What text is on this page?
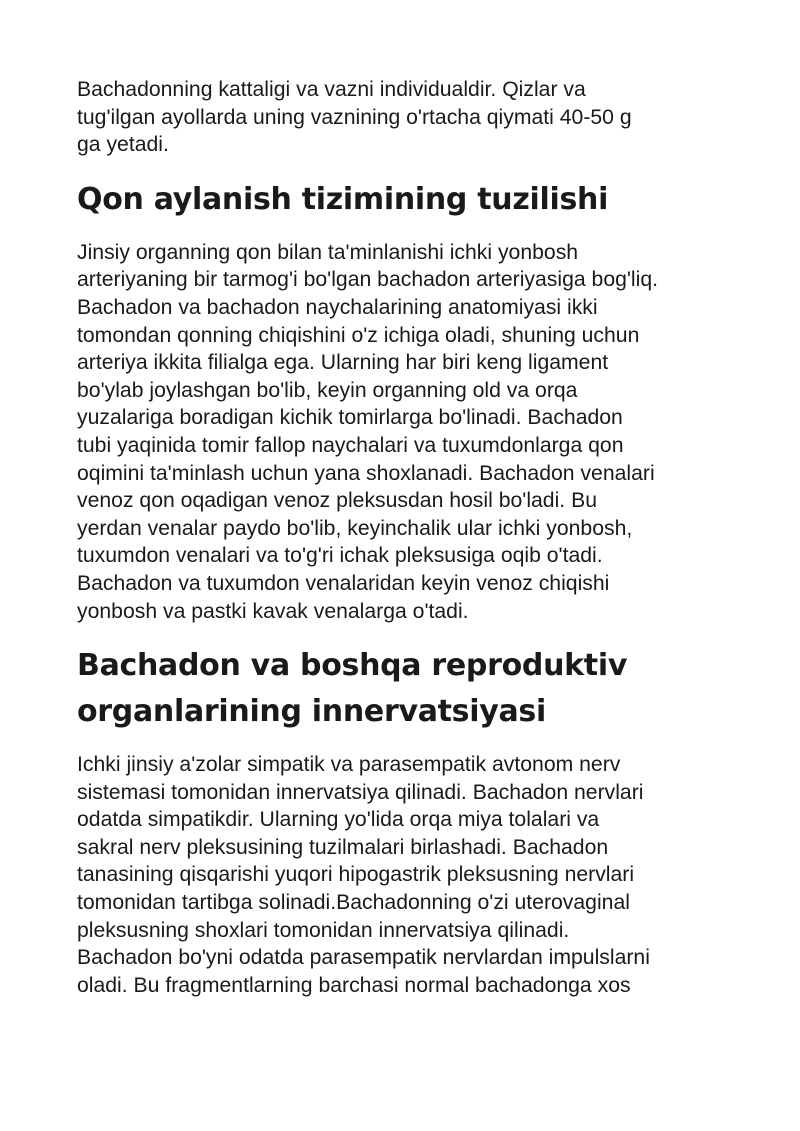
Bachadonning kattaligi va vazni individualdir. Qizlar va
tug'ilgan ayollarda uning vaznining o'rtacha qiymati 40-50 g
ga yetadi.

Qon aylanish tizimining tuzilishi

Jinsiy organning qon bilan ta'minlanishi ichki yonbosh
arteriyaning bir tarmog'i bo'lgan bachadon arteriyasiga bog'liq.
Bachadon va bachadon naychalarining anatomiyasi ikki
tomondan qonning chiqishini o'z ichiga oladi, shuning uchun
arteriya ikkita filialga ega. Ularning har biri keng ligament
bo'ylab joylashgan bo'lib, keyin organning old va orqa
yuzalariga boradigan kichik tomirlarga bo'linadi. Bachadon
tubi yaqinida tomir fallop naychalari va tuxumdonlarga qon
oqimini ta'minlash uchun yana shoxlanadi. Bachadon venalari
venoz qon oqadigan venoz pleksusdan hosil bo'ladi. Bu
yerdan venalar paydo bo'lib, keyinchalik ular ichki yonbosh,
tuxumdon venalari va to'g'ri ichak pleksusiga oqib o'tadi.
Bachadon va tuxumdon venalaridan keyin venoz chiqishi
yonbosh va pastki kavak venalarga o'tadi.

Bachadon va boshqa reproduktiv
organlarining innervatsiyasi

Ichki jinsiy a'zolar simpatik va parasempatik avtonom nerv
sistemasi tomonidan innervatsiya qilinadi. Bachadon nervlari
odatda simpatikdir. Ularning yo'lida orqa miya tolalari va
sakral nerv pleksusining tuzilmalari birlashadi. Bachadon
tanasining qisqarishi yuqori hipogastrik pleksusning nervlari
tomonidan tartibga solinadi.Bachadonning o'zi uterovaginal
pleksusning shoxlari tomonidan innervatsiya qilinadi.
Bachadon bo'yni odatda parasempatik nervlardan impulslarni
oladi. Bu fragmentlarning barchasi normal bachadonga xos
